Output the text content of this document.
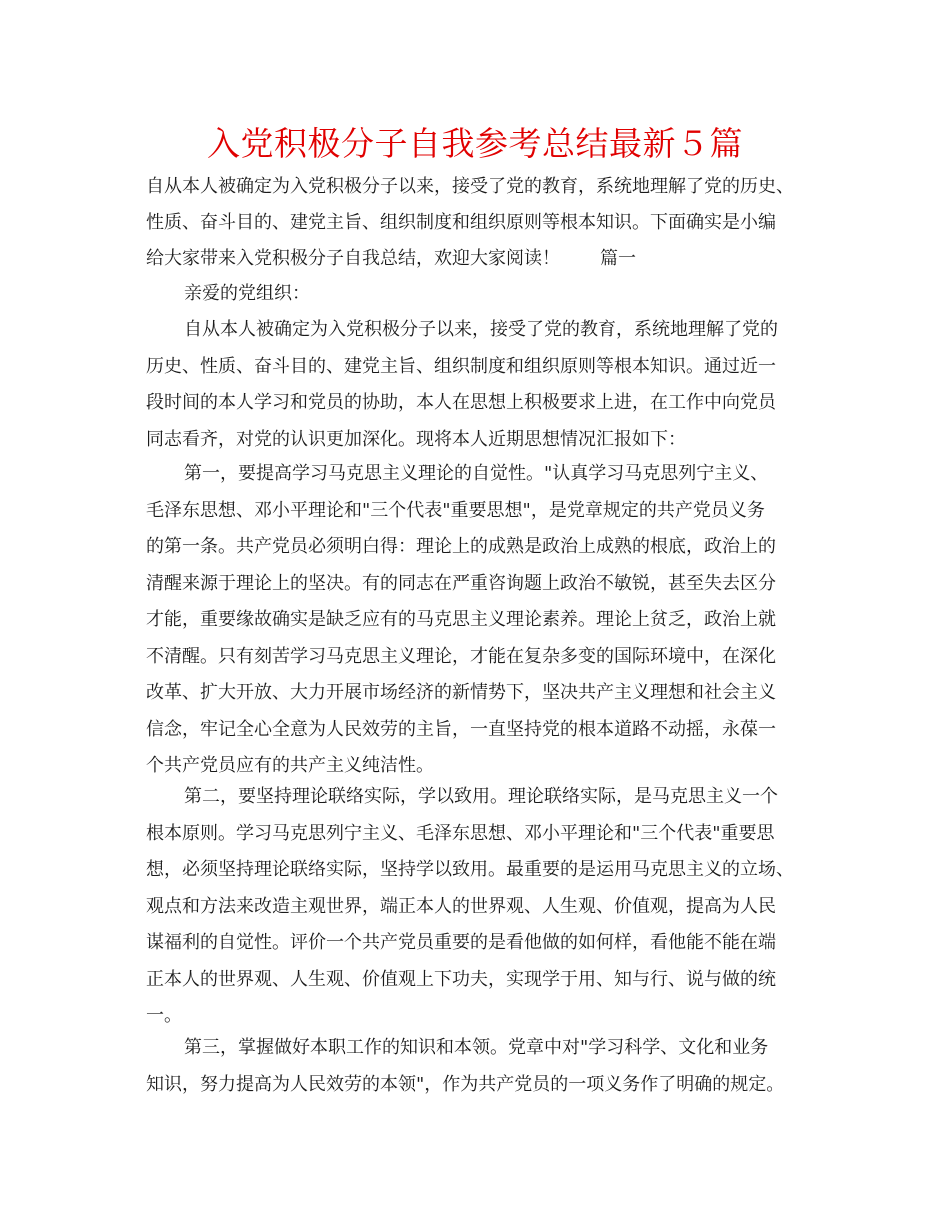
入党积极分子自我参考总结最新５篇
自从本人被确定为入党积极分子以来，接受了党的教育，系统地理解了党的历史、
性质、奋斗目的、建党主旨、组织制度和组织原则等根本知识。下面确实是小编
给大家带来入党积极分子自我总结，欢迎大家阅读！ 篇一
亲爱的党组织：
自从本人被确定为入党积极分子以来，接受了党的教育，系统地理解了党的
历史、性质、奋斗目的、建党主旨、组织制度和组织原则等根本知识。通过近一
段时间的本人学习和党员的协助，本人在思想上积极要求上进，在工作中向党员
同志看齐，对党的认识更加深化。现将本人近期思想情况汇报如下：
第一，要提高学习马克思主义理论的自觉性。"认真学习马克思列宁主义、
毛泽东思想、邓小平理论和"三个代表"重要思想"，是党章规定的共产党员义务
的第一条。共产党员必须明白得：理论上的成熟是政治上成熟的根底，政治上的
清醒来源于理论上的坚决。有的同志在严重咨询题上政治不敏锐，甚至失去区分
才能，重要缘故确实是缺乏应有的马克思主义理论素养。理论上贫乏，政治上就
不清醒。只有刻苦学习马克思主义理论，才能在复杂多变的国际环境中，在深化
改革、扩大开放、大力开展市场经济的新情势下，坚决共产主义理想和社会主义
信念，牢记全心全意为人民效劳的主旨，一直坚持党的根本道路不动摇，永葆一
个共产党员应有的共产主义纯洁性。
第二，要坚持理论联络实际，学以致用。理论联络实际，是马克思主义一个
根本原则。学习马克思列宁主义、毛泽东思想、邓小平理论和"三个代表"重要思
想，必须坚持理论联络实际，坚持学以致用。最重要的是运用马克思主义的立场、
观点和方法来改造主观世界，端正本人的世界观、人生观、价值观，提高为人民
谋福利的自觉性。评价一个共产党员重要的是看他做的如何样，看他能不能在端
正本人的世界观、人生观、价值观上下功夫，实现学于用、知与行、说与做的统
一。
第三，掌握做好本职工作的知识和本领。党章中对"学习科学、文化和业务
知识，努力提高为人民效劳的本领"，作为共产党员的一项义务作了明确的规定。
